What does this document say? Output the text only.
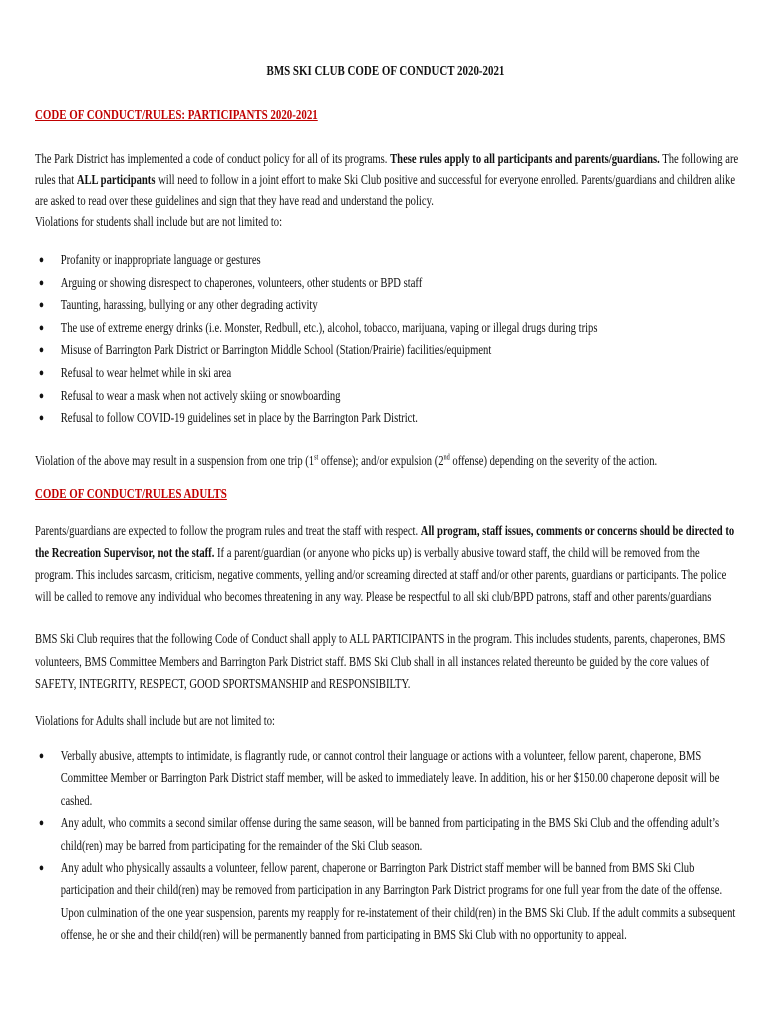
BMS SKI CLUB CODE OF CONDUCT 2020-2021
CODE OF CONDUCT/RULES: PARTICIPANTS 2020-2021

The Park District has implemented a code of conduct policy for all of its programs. These rules apply to all participants and parents/guardians. The following are rules that ALL participants will need to follow in a joint effort to make Ski Club positive and successful for everyone enrolled. Parents/guardians and children alike are asked to read over these guidelines and sign that they have read and understand the policy.

Violations for students shall include but are not limited to:

● Profanity or inappropriate language or gestures
● Arguing or showing disrespect to chaperones, volunteers, other students or BPD staff
● Taunting, harassing, bullying or any other degrading activity
● The use of extreme energy drinks (i.e. Monster, Redbull, etc.), alcohol, tobacco, marijuana, vaping or illegal drugs during trips
● Misuse of Barrington Park District or Barrington Middle School (Station/Prairie) facilities/equipment
● Refusal to wear helmet while in ski area
● Refusal to wear a mask when not actively skiing or snowboarding
● Refusal to follow COVID-19 guidelines set in place by the Barrington Park District.

Violation of the above may result in a suspension from one trip (1st offense); and/or expulsion (2nd offense) depending on the severity of the action.

CODE OF CONDUCT/RULES ADULTS

Parents/guardians are expected to follow the program rules and treat the staff with respect. All program, staff issues, comments or concerns should be directed to the Recreation Supervisor, not the staff. If a parent/guardian (or anyone who picks up) is verbally abusive toward staff, the child will be removed from the program. This includes sarcasm, criticism, negative comments, yelling and/or screaming directed at staff and/or other parents, guardians or participants. The police will be called to remove any individual who becomes threatening in any way. Please be respectful to all ski club/BPD patrons, staff and other parents/guardians

BMS Ski Club requires that the following Code of Conduct shall apply to ALL PARTICIPANTS in the program. This includes students, parents, chaperones, BMS volunteers, BMS Committee Members and Barrington Park District staff. BMS Ski Club shall in all instances related thereunto be guided by the core values of SAFETY, INTEGRITY, RESPECT, GOOD SPORTSMANSHIP and RESPONSIBILTY.

Violations for Adults shall include but are not limited to:
● Verbally abusive, attempts to intimidate, is flagrantly rude, or cannot control their language or actions with a volunteer, fellow parent, chaperone, BMS Committee Member or Barrington Park District staff member, will be asked to immediately leave. In addition, his or her $150.00 chaperone deposit will be cashed.
● Any adult, who commits a second similar offense during the same season, will be banned from participating in the BMS Ski Club and the offending adult’s child(ren) may be barred from participating for the remainder of the Ski Club season.
● Any adult who physically assaults a volunteer, fellow parent, chaperone or Barrington Park District staff member will be banned from BMS Ski Club participation and their child(ren) may be removed from participation in any Barrington Park District programs for one full year from the date of the offense. Upon culmination of the one year suspension, parents my reapply for re-instatement of their child(ren) in the BMS Ski Club. If the adult commits a subsequent offense, he or she and their child(ren) will be permanently banned from participating in BMS Ski Club with no opportunity to appeal.
